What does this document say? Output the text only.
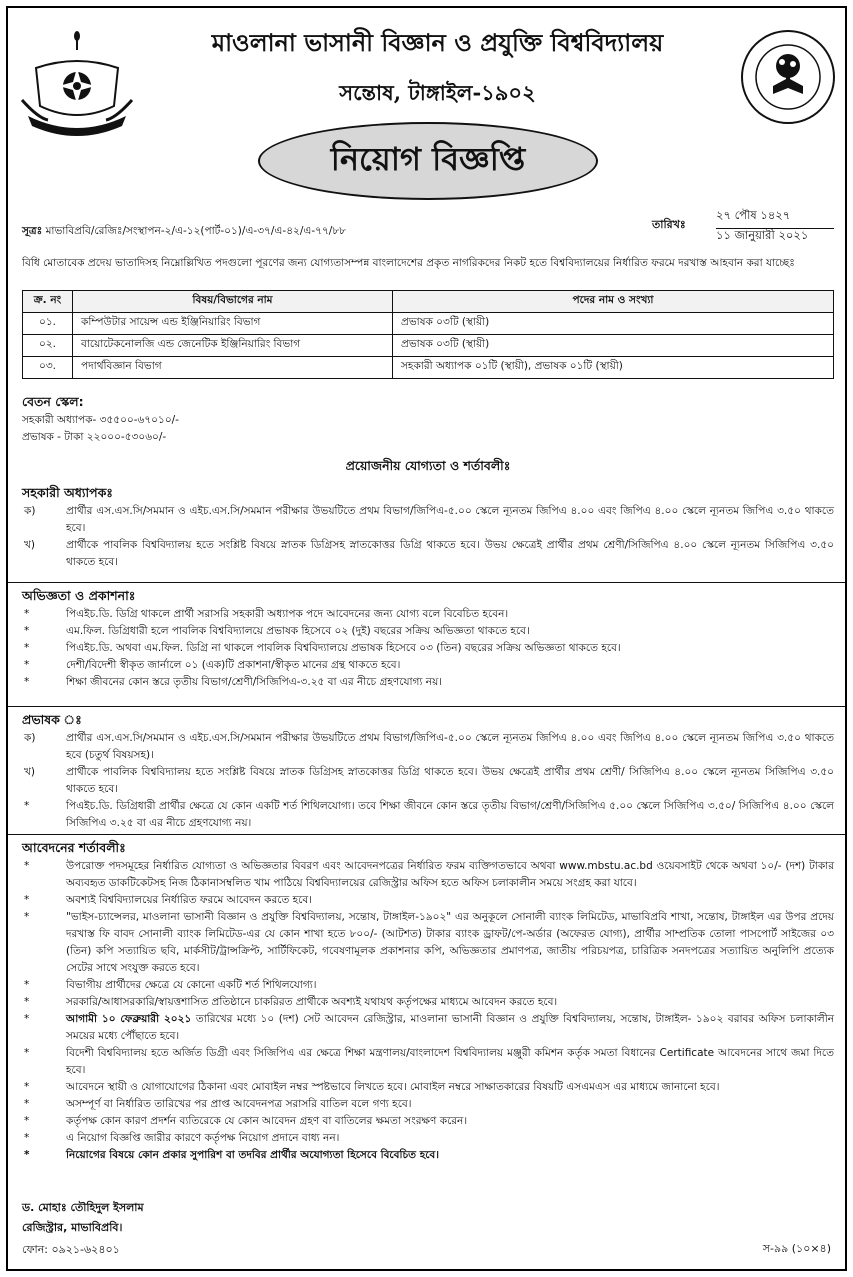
মাওলানা ভাসানী বিজ্ঞান ও প্রযুক্তি বিশ্ববিদ্যালয়
সন্তোষ, টাঙ্গাইল-১৯০২
নিয়োগ বিজ্ঞপ্তি
সূত্রঃ মাভাবিপ্রবি/রেজিঃ/সংস্থাপন-২/এ-১২(পার্ট-০১)/এ-৩৭/এ-৪২/এ-৭৭/৮৮	তারিখঃ
২৭ পৌষ ১৪২৭
১১ জানুয়ারী ২০২১
বিধি মোতাবেক প্রদেয় ভাতাদিসহ নিম্নোল্লিখিত পদগুলো পূরণের জন্য যোগ্যতাসম্পন্ন বাংলাদেশের প্রকৃত নাগরিকদের নিকট হতে বিশ্ববিদ্যালয়ের নির্ধারিত ফরমে দরখাস্ত আহবান করা যাচ্ছেঃ
ক্র. নং	বিষয়/বিভাগের নাম	পদের নাম ও সংখ্যা
০১.	কম্পিউটার সায়েন্স এন্ড ইঞ্জিনিয়ারিং বিভাগ	প্রভাষক ০৩টি (স্থায়ী)
০২.	বায়োটেকনোলজি এন্ড জেনেটিক ইঞ্জিনিয়ারিং বিভাগ	প্রভাষক ০৩টি (স্থায়ী)
০৩.	পদার্থবিজ্ঞান বিভাগ	সহকারী অধ্যাপক ০১টি (স্থায়ী), প্রভাষক ০১টি (স্থায়ী)
বেতন স্কেল:
সহকারী অধ্যাপক- ৩৫৫০০-৬৭০১০/-
প্রভাষক - টাকা ২২০০০-৫৩০৬০/-
প্রয়োজনীয় যোগ্যতা ও শর্তাবলীঃ
সহকারী অধ্যাপকঃ
ক)	প্রার্থীর এস.এস.সি/সমমান ও এইচ.এস.সি/সমমান পরীক্ষার উভয়টিতে প্রথম বিভাগ/জিপিএ-৫.০০ স্কেলে ন্যূনতম জিপিএ ৪.০০ এবং জিপিএ ৪.০০ স্কেলে ন্যূনতম জিপিএ ৩.৫০ থাকতে হবে।
খ)	প্রার্থীকে পাবলিক বিশ্ববিদ্যালয় হতে সংশ্লিষ্ট বিষয়ে স্নাতক ডিগ্রিসহ স্নাতকোত্তর ডিগ্রি থাকতে হবে। উভয় ক্ষেত্রেই প্রার্থীর প্রথম শ্রেণী/সিজিপিএ ৪.০০ স্কেলে ন্যূনতম সিজিপিএ ৩.৫০ থাকতে হবে।
অভিজ্ঞতা ও প্রকাশনাঃ
*	পিএইচ.ডি. ডিগ্রি থাকলে প্রার্থী সরাসরি সহকারী অধ্যাপক পদে আবেদনের জন্য যোগ্য বলে বিবেচিত হবেন।
*	এম.ফিল. ডিগ্রিধারী হলে পাবলিক বিশ্ববিদ্যালয়ে প্রভাষক হিসেবে ০২ (দুই) বছরের সক্রিয় অভিজ্ঞতা থাকতে হবে।
*	পিএইচ.ডি. অথবা এম.ফিল. ডিগ্রি না থাকলে পাবলিক বিশ্ববিদ্যালয়ে প্রভাষক হিসেবে ০৩ (তিন) বছরের সক্রিয় অভিজ্ঞতা থাকতে হবে।
*	দেশী/বিদেশী স্বীকৃত জার্নালে ০১ (এক)টি প্রকাশনা/স্বীকৃত মানের গ্রন্থ থাকতে হবে।
*	শিক্ষা জীবনের কোন স্তরে তৃতীয় বিভাগ/শ্রেণী/সিজিপিএ-৩.২৫ বা এর নীচে গ্রহণযোগ্য নয়।
প্রভাষক ঃ
ক)	প্রার্থীর এস.এস.সি/সমমান ও এইচ.এস.সি/সমমান পরীক্ষার উভয়টিতে প্রথম বিভাগ/জিপিএ-৫.০০ স্কেলে ন্যূনতম জিপিএ ৪.০০ এবং জিপিএ ৪.০০ স্কেলে ন্যূনতম জিপিএ ৩.৫০ থাকতে হবে (চতুর্থ বিষয়সহ)।
খ)	প্রার্থীকে পাবলিক বিশ্ববিদ্যালয় হতে সংশ্লিষ্ট বিষয়ে স্নাতক ডিগ্রিসহ স্নাতকোত্তর ডিগ্রি থাকতে হবে। উভয় ক্ষেত্রেই প্রার্থীর প্রথম শ্রেণী/ সিজিপিএ ৪.০০ স্কেলে ন্যূনতম সিজিপিএ ৩.৫০ থাকতে হবে।
*	পিএইচ.ডি. ডিগ্রিধারী প্রার্থীর ক্ষেত্রে যে কোন একটি শর্ত শিথিলযোগ্য। তবে শিক্ষা জীবনে কোন স্তরে তৃতীয় বিভাগ/শ্রেণী/সিজিপিএ ৫.০০ স্কেলে সিজিপিএ ৩.৫০/ সিজিপিএ ৪.০০ স্কেলে সিজিপিএ ৩.২৫ বা এর নীচে গ্রহণযোগ্য নয়।
আবেদনের শর্তাবলীঃ
*	উপরোক্ত পদসমূহের নির্ধারিত যোগ্যতা ও অভিজ্ঞতার বিবরণ এবং আবেদনপত্রের নির্ধারিত ফরম ব্যক্তিগতভাবে অথবা www.mbstu.ac.bd ওয়েবসাইট থেকে অথবা ১০/- (দশ) টাকার অব্যবহৃত ডাকটিকেটসহ নিজ ঠিকানাসম্বলিত খাম পাঠিয়ে বিশ্ববিদ্যালয়ের রেজিস্ট্রার অফিস হতে অফিস চলাকালীন সময়ে সংগ্রহ করা যাবে।
*	অবশ্যই বিশ্ববিদ্যালয়ের নির্ধারিত ফরমে আবেদন করতে হবে।
*	"ভাইস-চ্যান্সেলর, মাওলানা ভাসানী বিজ্ঞান ও প্রযুক্তি বিশ্ববিদ্যালয়, সন্তোষ, টাঙ্গাইল-১৯০২" এর অনুকূলে সোনালী ব্যাংক লিমিটেড, মাভাবিপ্রবি শাখা, সন্তোষ, টাঙ্গাইল এর উপর প্রদেয় দরখাস্ত ফি বাবদ সোনালী ব্যাংক লিমিটেড-এর যে কোন শাখা হতে ৮০০/- (আটশত) টাকার ব্যাংক ড্রাফট/পে-অর্ডার (অফেরত যোগ্য), প্রার্থীর সাম্প্রতিক তোলা পাসপোর্ট সাইজের ০৩ (তিন) কপি সত্যায়িত ছবি, মার্কসীট/ট্রান্সক্রিপ্ট, সার্টিফিকেট, গবেষণামূলক প্রকাশনার কপি, অভিজ্ঞতার প্রমাণপত্র, জাতীয় পরিচয়পত্র, চারিত্রিক সনদপত্রের সত্যায়িত অনুলিপি প্রত্যেক সেটের সাথে সংযুক্ত করতে হবে।
*	বিভাগীয় প্রার্থীদের ক্ষেত্রে যে কোনো একটি শর্ত শিথিলযোগ্য।
*	সরকারি/আধাসরকারি/স্বায়ত্তশাসিত প্রতিষ্ঠানে চাকরিরত প্রার্থীকে অবশ্যই যথাযথ কর্তৃপক্ষের মাধ্যমে আবেদন করতে হবে।
*	আগামী ১০ ফেব্রুয়ারী ২০২১ তারিখের মধ্যে ১০ (দশ) সেট আবেদন রেজিস্ট্রার, মাওলানা ভাসানী বিজ্ঞান ও প্রযুক্তি বিশ্ববিদ্যালয়, সন্তোষ, টাঙ্গাইল- ১৯০২ বরাবর অফিস চলাকালীন সময়ের মধ্যে পৌঁছাতে হবে।
*	বিদেশী বিশ্ববিদ্যালয় হতে অর্জিত ডিগ্রী এবং সিজিপিএ এর ক্ষেত্রে শিক্ষা মন্ত্রণালয়/বাংলাদেশ বিশ্ববিদ্যালয় মঞ্জুরী কমিশন কর্তৃক সমতা বিধানের Certificate আবেদনের সাথে জমা দিতে হবে।
*	আবেদনে স্থায়ী ও যোগাযোগের ঠিকানা এবং মোবাইল নম্বর স্পষ্টভাবে লিখতে হবে। মোবাইল নম্বরে সাক্ষাতকারের বিষয়টি এসএমএস এর মাধ্যমে জানানো হবে।
*	অসম্পূর্ণ বা নির্ধারিত তারিখের পর প্রাপ্ত আবেদনপত্র সরাসরি বাতিল বলে গণ্য হবে।
*	কর্তৃপক্ষ কোন কারণ প্রদর্শন ব্যতিরেকে যে কোন আবেদন গ্রহণ বা বাতিলের ক্ষমতা সংরক্ষণ করেন।
*	এ নিয়োগ বিজ্ঞপ্তি জারীর কারণে কর্তৃপক্ষ নিয়োগ প্রদানে বাধ্য নন।
*	নিয়োগের বিষয়ে কোন প্রকার সুপারিশ বা তদবির প্রার্থীর অযোগ্যতা হিসেবে বিবেচিত হবে।
ড. মোহাঃ তৌহিদুল ইসলাম
রেজিস্ট্রার, মাভাবিপ্রবি।
ফোন: ০৯২১-৬২৪০১	স-৯৯ (১০×৪)
